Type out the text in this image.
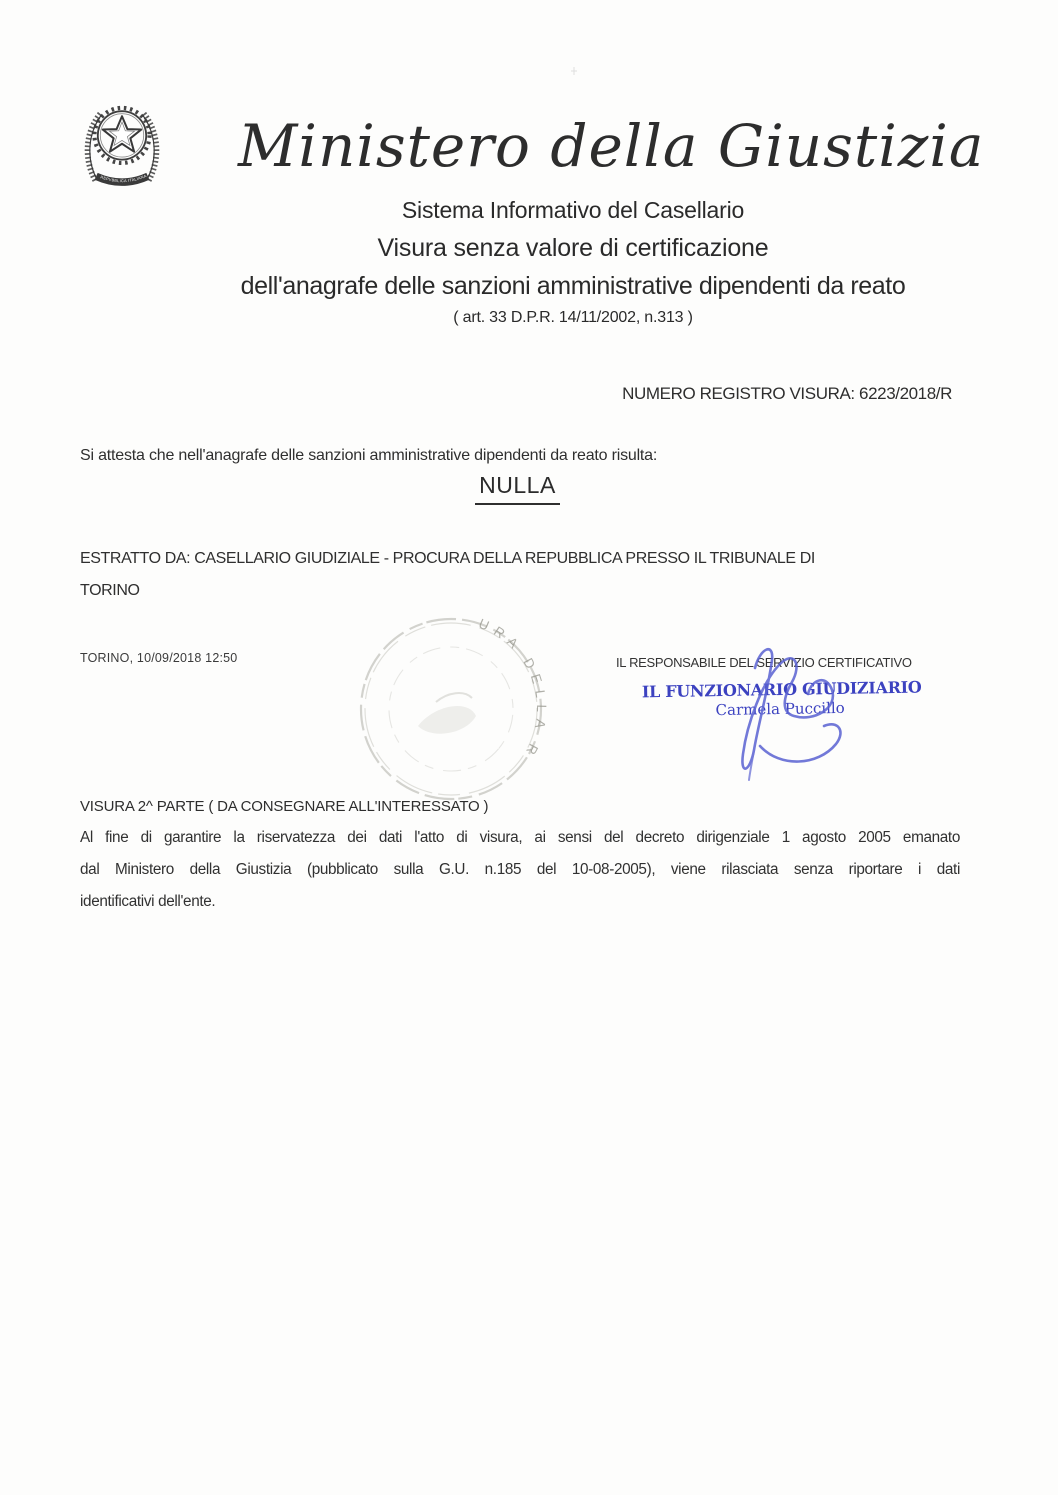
REPVBBLICA ITALIANA Ministero della Giustizia
Sistema Informativo del Casellario
Visura senza valore di certificazione
dell'anagrafe delle sanzioni amministrative dipendenti da reato
( art. 33 D.P.R. 14/11/2002, n.313 )
NUMERO REGISTRO VISURA: 6223/2018/R
Si attesta che nell'anagrafe delle sanzioni amministrative dipendenti da reato risulta:
NULLA
ESTRATTO DA: CASELLARIO GIUDIZIALE - PROCURA DELLA REPUBBLICA PRESSO IL TRIBUNALE DI
TORINO
TORINO, 10/09/2018 12:50
URA DELLA R
IL RESPONSABILE DEL SERVIZIO CERTIFICATIVO
IL FUNZIONARIO GIUDIZIARIO
Carmela Puccillo
VISURA 2^ PARTE ( DA CONSEGNARE ALL'INTERESSATO )
Al fine di garantire la riservatezza dei dati l'atto di visura, ai sensi del decreto dirigenziale 1 agosto 2005 emanato
dal Ministero della Giustizia (pubblicato sulla G.U. n.185 del 10-08-2005), viene rilasciata senza riportare i dati
identificativi dell'ente.
